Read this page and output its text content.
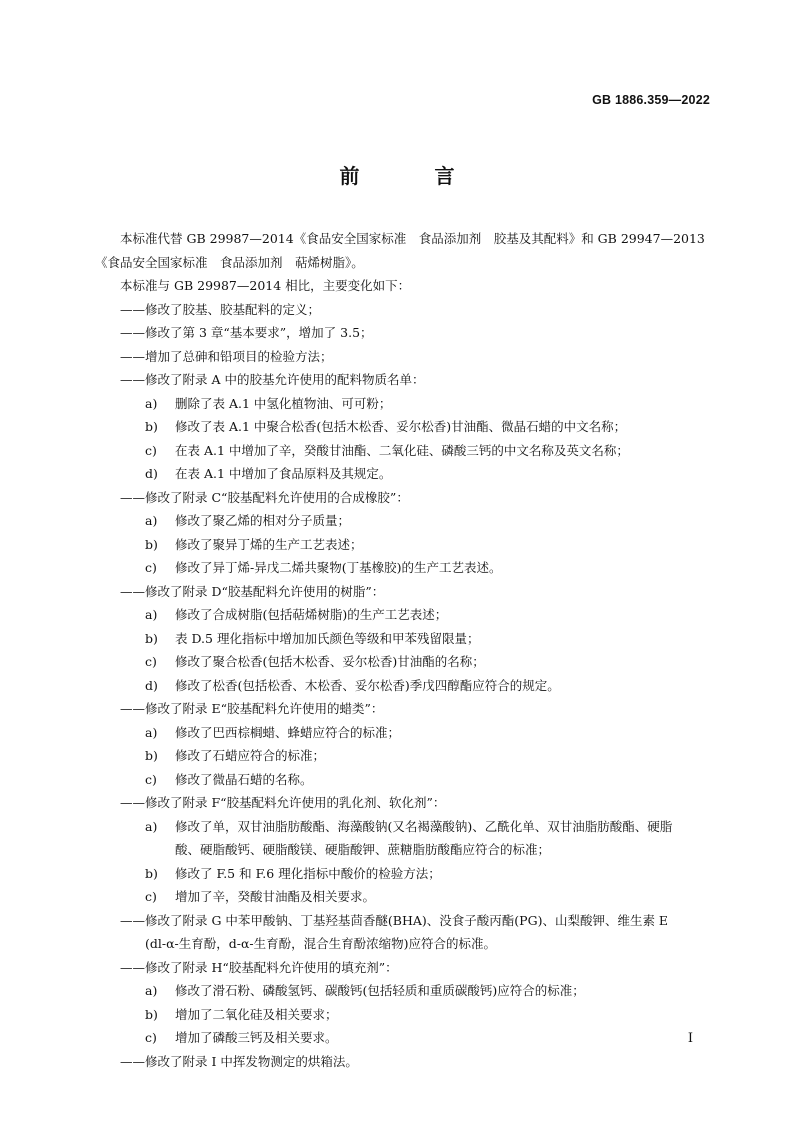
GB 1886.359—2022
前 言
本标准代替 GB 29987—2014《食品安全国家标准　食品添加剂　胶基及其配料》和 GB 29947—2013
《食品安全国家标准　食品添加剂　萜烯树脂》。
本标准与 GB 29987—2014 相比，主要变化如下：
——修改了胶基、胶基配料的定义；
——修改了第 3 章“基本要求”，增加了 3.5；
——增加了总砷和铅项目的检验方法；
——修改了附录 A 中的胶基允许使用的配料物质名单：
a) 删除了表 A.1 中氢化植物油、可可粉；
b) 修改了表 A.1 中聚合松香(包括木松香、妥尔松香)甘油酯、微晶石蜡的中文名称；
c) 在表 A.1 中增加了辛，癸酸甘油酯、二氧化硅、磷酸三钙的中文名称及英文名称；
d) 在表 A.1 中增加了食品原料及其规定。
——修改了附录 C“胶基配料允许使用的合成橡胶”：
a) 修改了聚乙烯的相对分子质量；
b) 修改了聚异丁烯的生产工艺表述；
c) 修改了异丁烯-异戊二烯共聚物(丁基橡胶)的生产工艺表述。
——修改了附录 D“胶基配料允许使用的树脂”：
a) 修改了合成树脂(包括萜烯树脂)的生产工艺表述；
b) 表 D.5 理化指标中增加加氏颜色等级和甲苯残留限量；
c) 修改了聚合松香(包括木松香、妥尔松香)甘油酯的名称；
d) 修改了松香(包括松香、木松香、妥尔松香)季戊四醇酯应符合的规定。
——修改了附录 E“胶基配料允许使用的蜡类”：
a) 修改了巴西棕榈蜡、蜂蜡应符合的标准；
b) 修改了石蜡应符合的标准；
c) 修改了微晶石蜡的名称。
——修改了附录 F“胶基配料允许使用的乳化剂、软化剂”：
a) 修改了单，双甘油脂肪酸酯、海藻酸钠(又名褐藻酸钠)、乙酰化单、双甘油脂肪酸酯、硬脂
酸、硬脂酸钙、硬脂酸镁、硬脂酸钾、蔗糖脂肪酸酯应符合的标准；
b) 修改了 F.5 和 F.6 理化指标中酸价的检验方法；
c) 增加了辛，癸酸甘油酯及相关要求。
——修改了附录 G 中苯甲酸钠、丁基羟基茴香醚(BHA)、没食子酸丙酯(PG)、山梨酸钾、维生素 E
(dl-α-生育酚，d-α-生育酚，混合生育酚浓缩物)应符合的标准。
——修改了附录 H“胶基配料允许使用的填充剂”：
a) 修改了滑石粉、磷酸氢钙、碳酸钙(包括轻质和重质碳酸钙)应符合的标准；
b) 增加了二氧化硅及相关要求；
c) 增加了磷酸三钙及相关要求。
——修改了附录 I 中挥发物测定的烘箱法。
I
